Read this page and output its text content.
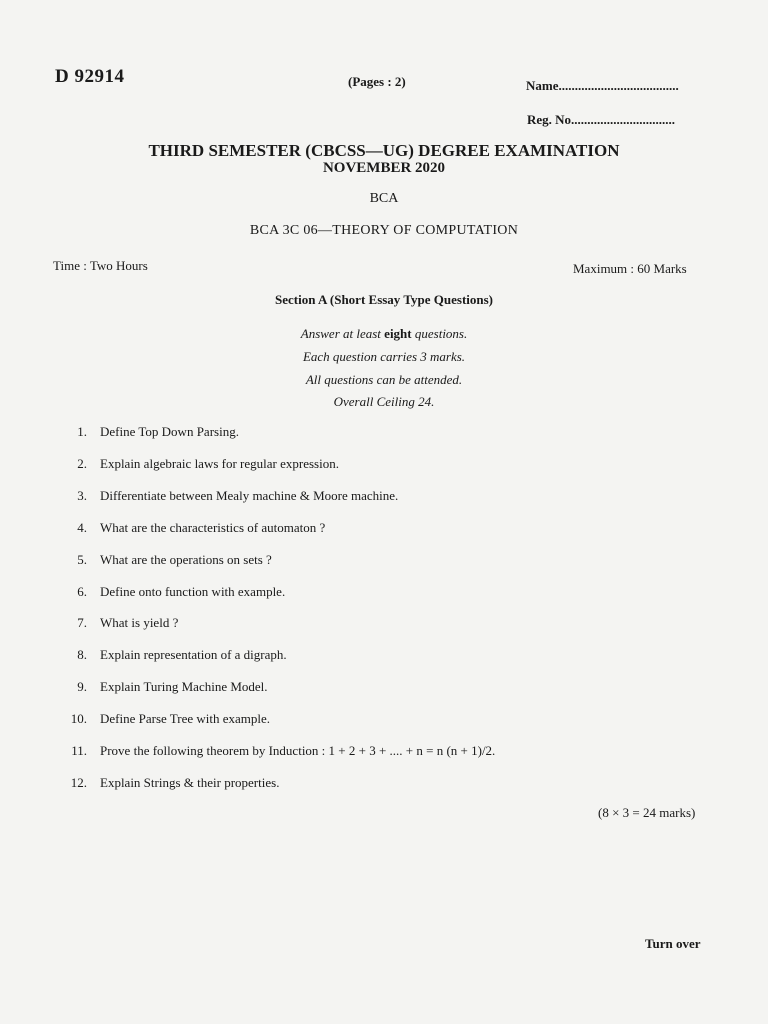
D 92914	(Pages : 2)	Name.....................................
Reg. No................................
THIRD SEMESTER (CBCSS—UG) DEGREE EXAMINATION
NOVEMBER 2020
BCA
BCA 3C 06—THEORY OF COMPUTATION
Time : Two Hours	Maximum : 60 Marks
Section A (Short Essay Type Questions)
Answer at least eight questions.
Each question carries 3 marks.
All questions can be attended.
Overall Ceiling 24.
1. Define Top Down Parsing.
2. Explain algebraic laws for regular expression.
3. Differentiate between Mealy machine & Moore machine.
4. What are the characteristics of automaton ?
5. What are the operations on sets ?
6. Define onto function with example.
7. What is yield ?
8. Explain representation of a digraph.
9. Explain Turing Machine Model.
10. Define Parse Tree with example.
11. Prove the following theorem by Induction : 1 + 2 + 3 + .... + n = n (n + 1)/2.
12. Explain Strings & their properties.
(8 × 3 = 24 marks)
Turn over
